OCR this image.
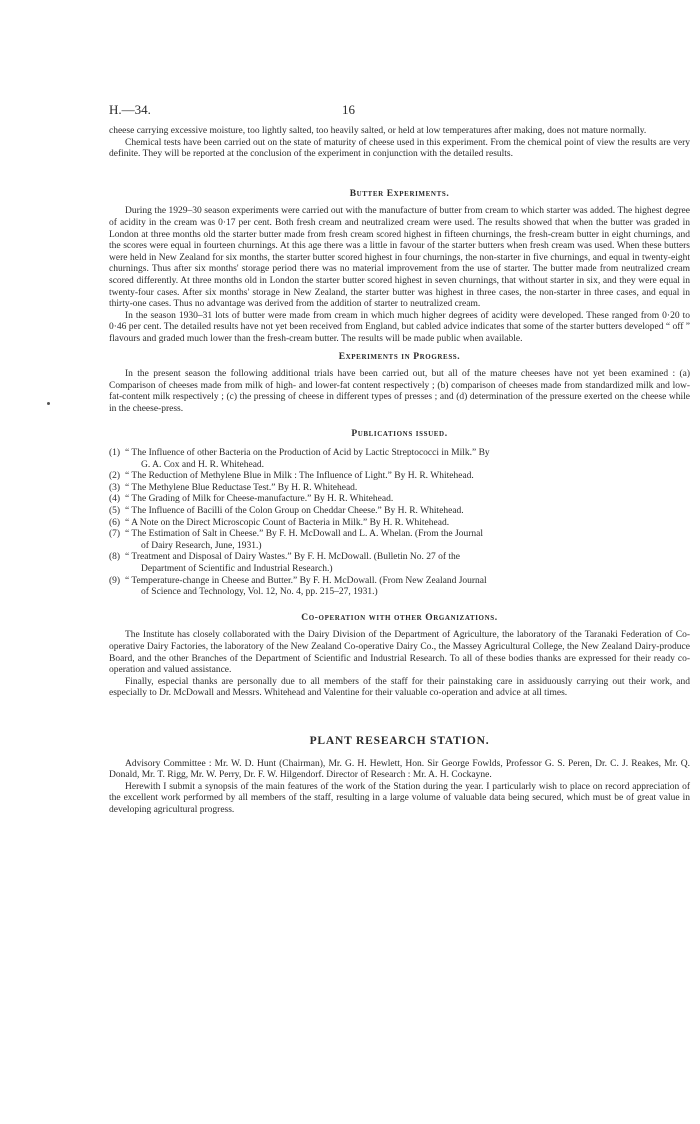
H.—34.	16

cheese carrying excessive moisture, too lightly salted, too heavily salted, or held at low temperatures after making, does not mature normally.

Chemical tests have been carried out on the state of maturity of cheese used in this experiment. From the chemical point of view the results are very definite. They will be reported at the conclusion of the experiment in conjunction with the detailed results.

Butter Experiments.

During the 1929–30 season experiments were carried out with the manufacture of butter from cream to which starter was added. The highest degree of acidity in the cream was 0·17 per cent. Both fresh cream and neutralized cream were used. The results showed that when the butter was graded in London at three months old the starter butter made from fresh cream scored highest in fifteen churnings, the fresh-cream butter in eight churnings, and the scores were equal in fourteen churnings. At this age there was a little in favour of the starter butters when fresh cream was used. When these butters were held in New Zealand for six months, the starter butter scored highest in four churnings, the non-starter in five churnings, and equal in twenty-eight churnings. Thus after six months' storage period there was no material improvement from the use of starter. The butter made from neutralized cream scored differently. At three months old in London the starter butter scored highest in seven churnings, that without starter in six, and they were equal in twenty-four cases. After six months' storage in New Zealand, the starter butter was highest in three cases, the non-starter in three cases, and equal in thirty-one cases. Thus no advantage was derived from the addition of starter to neutralized cream.

In the season 1930–31 lots of butter were made from cream in which much higher degrees of acidity were developed. These ranged from 0·20 to 0·46 per cent. The detailed results have not yet been received from England, but cabled advice indicates that some of the starter butters developed “ off ” flavours and graded much lower than the fresh-cream butter. The results will be made public when available.

Experiments in Progress.

In the present season the following additional trials have been carried out, but all of the mature cheeses have not yet been examined : (a) Comparison of cheeses made from milk of high- and lower-fat content respectively ; (b) comparison of cheeses made from standardized milk and low-fat-content milk respectively ; (c) the pressing of cheese in different types of presses ; and (d) determination of the pressure exerted on the cheese while in the cheese-press.

Publications issued.
(1) “ The Influence of other Bacteria on the Production of Acid by Lactic Streptococci in Milk.” By
G. A. Cox and H. R. Whitehead.
(2) “ The Reduction of Methylene Blue in Milk : The Influence of Light.” By H. R. Whitehead.
(3) “ The Methylene Blue Reductase Test.” By H. R. Whitehead.
(4) “ The Grading of Milk for Cheese-manufacture.” By H. R. Whitehead.
(5) “ The Influence of Bacilli of the Colon Group on Cheddar Cheese.” By H. R. Whitehead.
(6) “ A Note on the Direct Microscopic Count of Bacteria in Milk.” By H. R. Whitehead.
(7) “ The Estimation of Salt in Cheese.” By F. H. McDowall and L. A. Whelan. (From the Journal
of Dairy Research, June, 1931.)
(8) “ Treatment and Disposal of Dairy Wastes.” By F. H. McDowall. (Bulletin No. 27 of the
Department of Scientific and Industrial Research.)
(9) “ Temperature-change in Cheese and Butter.” By F. H. McDowall. (From New Zealand Journal
of Science and Technology, Vol. 12, No. 4, pp. 215–27, 1931.)
Co-operation with other Organizations.

The Institute has closely collaborated with the Dairy Division of the Department of Agriculture, the laboratory of the Taranaki Federation of Co-operative Dairy Factories, the laboratory of the New Zealand Co-operative Dairy Co., the Massey Agricultural College, the New Zealand Dairy-produce Board, and the other Branches of the Department of Scientific and Industrial Research. To all of these bodies thanks are expressed for their ready co-operation and valued assistance.

Finally, especial thanks are personally due to all members of the staff for their painstaking care in assiduously carrying out their work, and especially to Dr. McDowall and Messrs. Whitehead and Valentine for their valuable co-operation and advice at all times.

PLANT RESEARCH STATION.

Advisory Committee : Mr. W. D. Hunt (Chairman), Mr. G. H. Hewlett, Hon. Sir George Fowlds, Professor G. S. Peren, Dr. C. J. Reakes, Mr. Q. Donald, Mr. T. Rigg, Mr. W. Perry, Dr. F. W. Hilgendorf. Director of Research : Mr. A. H. Cockayne.

Herewith I submit a synopsis of the main features of the work of the Station during the year. I particularly wish to place on record appreciation of the excellent work performed by all members of the staff, resulting in a large volume of valuable data being secured, which must be of great value in developing agricultural progress.
